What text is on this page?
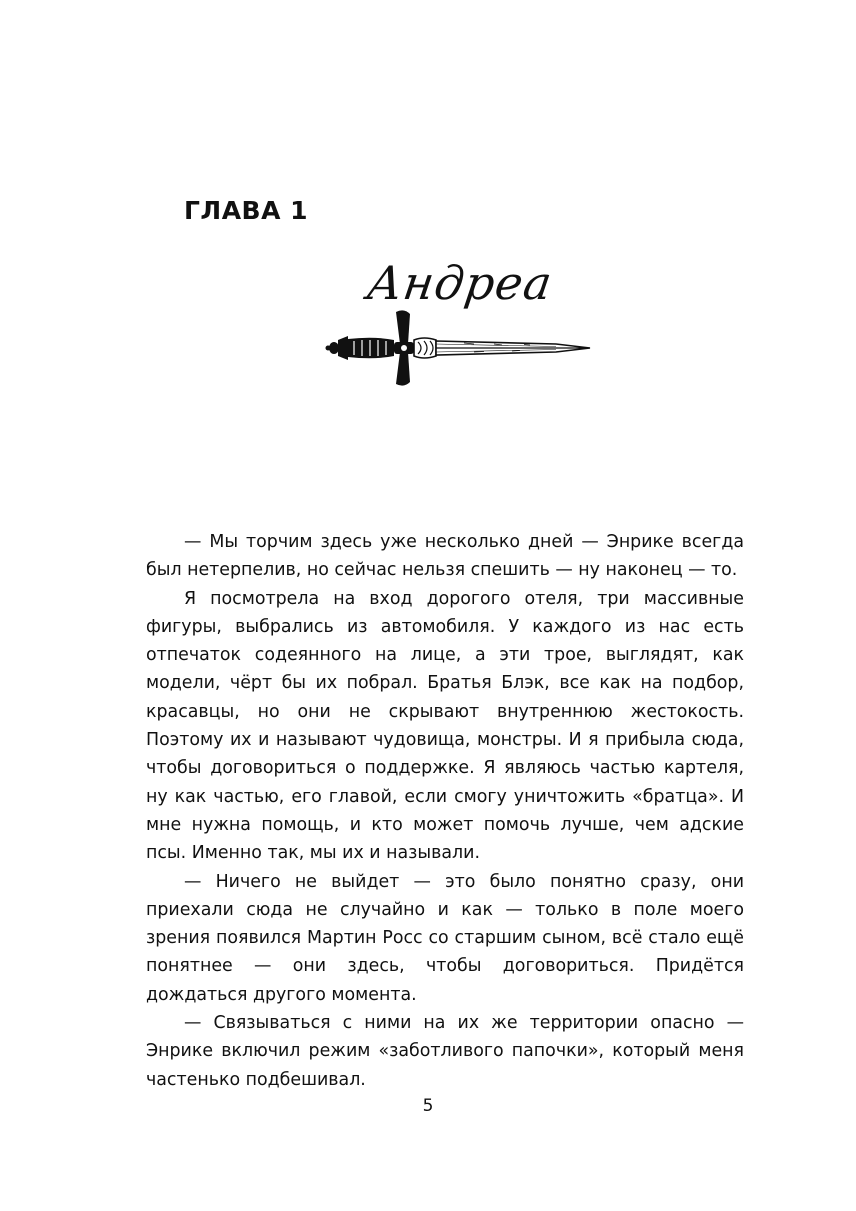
ГЛАВА 1
Андреа

— Мы торчим здесь уже несколько дней — Энрике всегда был нетерпелив, но сейчас нельзя спешить — ну наконец — то.

Я посмотрела на вход дорогого отеля, три массивные фигуры, выбрались из автомобиля. У каждого из нас есть отпечаток содеянного на лице, а эти трое, выглядят, как модели, чёрт бы их побрал. Братья Блэк, все как на подбор, красавцы, но они не скрывают внутреннюю жестокость. Поэтому их и называют чудовища, монстры. И я прибыла сюда, чтобы договориться о поддержке. Я являюсь частью картеля, ну как частью, его главой, если смогу уничтожить «братца». И мне нужна помощь, и кто может помочь лучше, чем адские псы. Именно так, мы их и называли.

— Ничего не выйдет — это было понятно сразу, они приехали сюда не случайно и как — только в поле моего зрения появился Мартин Росс со старшим сыном, всё стало ещё понятнее — они здесь, чтобы договориться. Придётся дождаться другого момента.

— Связываться с ними на их же территории опасно — Энрике включил режим «заботливого папочки», который меня частенько подбешивал.

5
